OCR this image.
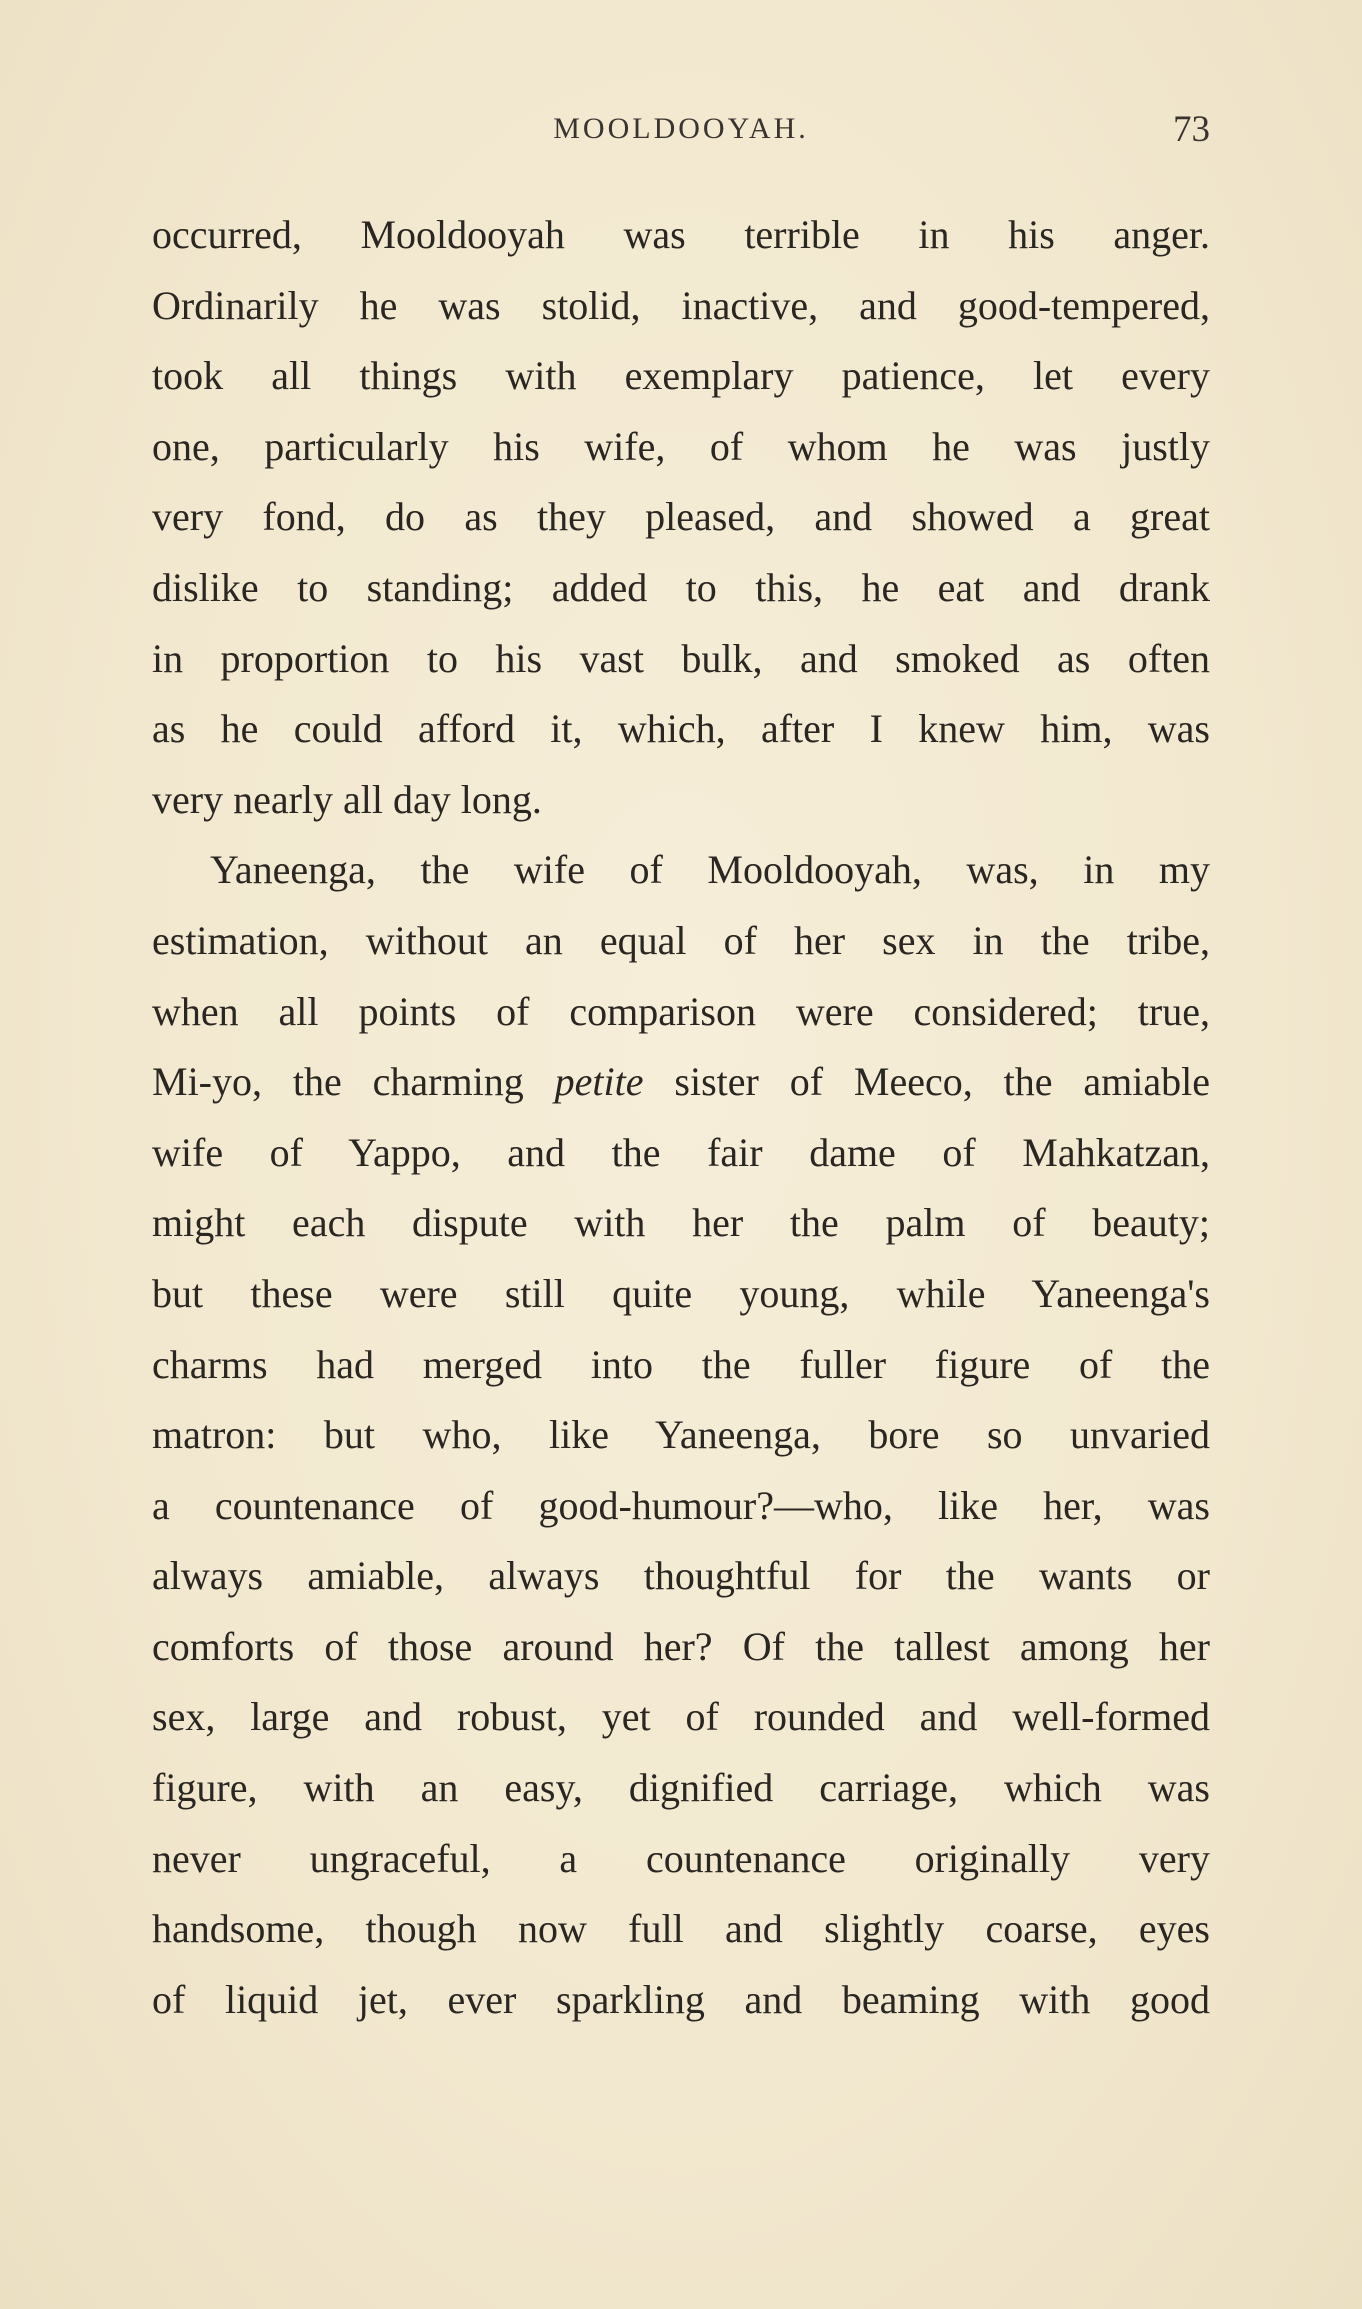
MOOLDOOYAH.	73
occurred, Mooldooyah was terrible in his anger.
Ordinarily he was stolid, inactive, and good-tempered,
took all things with exemplary patience, let every
one, particularly his wife, of whom he was justly
very fond, do as they pleased, and showed a great
dislike to standing; added to this, he eat and drank
in proportion to his vast bulk, and smoked as often
as he could afford it, which, after I knew him, was
very nearly all day long.
Yaneenga, the wife of Mooldooyah, was, in my
estimation, without an equal of her sex in the tribe,
when all points of comparison were considered; true,
Mi-yo, the charming petite sister of Meeco, the amiable
wife of Yappo, and the fair dame of Mahkatzan,
might each dispute with her the palm of beauty;
but these were still quite young, while Yaneenga's
charms had merged into the fuller figure of the
matron: but who, like Yaneenga, bore so unvaried
a countenance of good-humour?—who, like her, was
always amiable, always thoughtful for the wants or
comforts of those around her? Of the tallest among her
sex, large and robust, yet of rounded and well-formed
figure, with an easy, dignified carriage, which was
never ungraceful, a countenance originally very
handsome, though now full and slightly coarse, eyes
of liquid jet, ever sparkling and beaming with good
